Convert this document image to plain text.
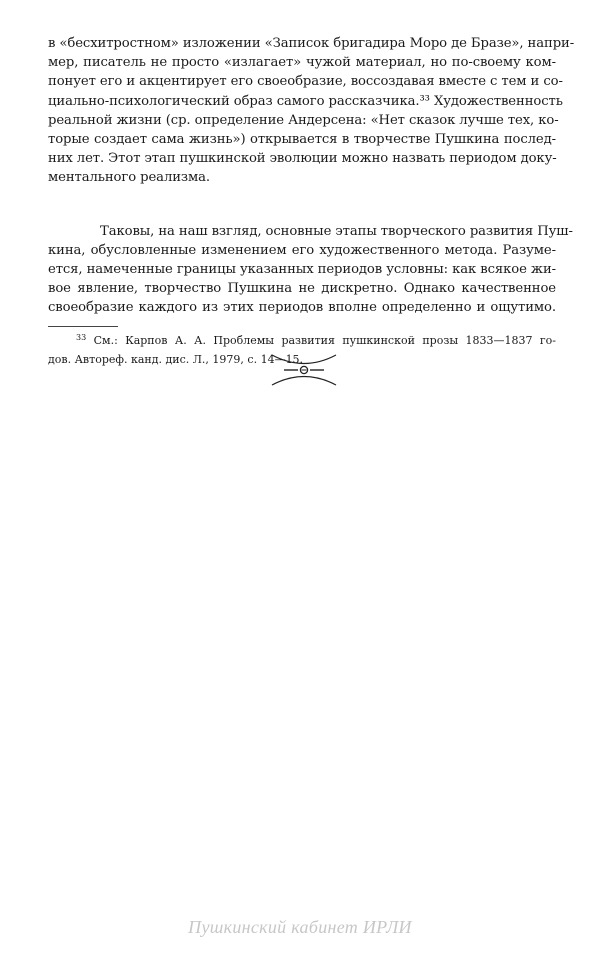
в «бесхитростном» изложении «Записок бригадира Моро де Бразе», напри-
мер, писатель не просто «излагает» чужой материал, но по-своему ком-
понует его и акцентирует его своеобразие, воссоздавая вместе с тем и со-
циально-психологический образ самого рассказчика.³³ Художественность
реальной жизни (ср. определение Андерсена: «Нет сказок лучше тех, ко-
торые создает сама жизнь») открывается в творчестве Пушкина послед-
них лет. Этот этап пушкинской эволюции можно назвать периодом доку-
ментального реализма.
Таковы, на наш взгляд, основные этапы творческого развития Пуш-
кина, обусловленные изменением его художественного метода. Разуме-
ется, намеченные границы указанных периодов условны: как всякое жи-
вое явление, творчество Пушкина не дискретно. Однако качественное
своеобразие каждого из этих периодов вполне определенно и ощутимо.
$^{33}$ См.: Карпов А. А. Проблемы развития пушкинской прозы 1833—1837 го-
дов. Автореф. канд. дис. Л., 1979, с. 14—15.
Пушкинский кабинет ИРЛИ
